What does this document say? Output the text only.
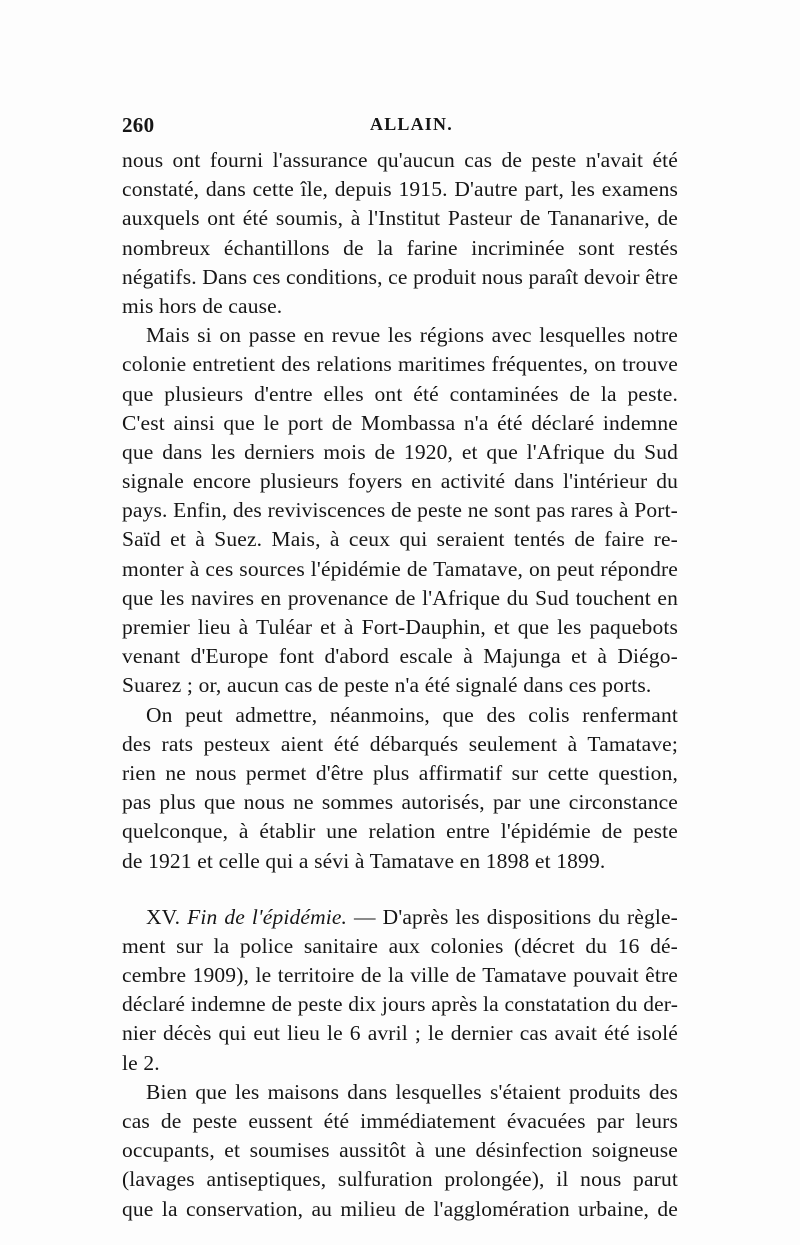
260	ALLAIN.
nous ont fourni l'assurance qu'aucun cas de peste n'avait été
constaté, dans cette île, depuis 1915. D'autre part, les examens
auxquels ont été soumis, à l'Institut Pasteur de Tananarive, de
nombreux échantillons de la farine incriminée sont restés
négatifs. Dans ces conditions, ce produit nous paraît devoir être
mis hors de cause.
Mais si on passe en revue les régions avec lesquelles notre
colonie entretient des relations maritimes fréquentes, on trouve
que plusieurs d'entre elles ont été contaminées de la peste.
C'est ainsi que le port de Mombassa n'a été déclaré indemne
que dans les derniers mois de 1920, et que l'Afrique du Sud
signale encore plusieurs foyers en activité dans l'intérieur du
pays. Enfin, des reviviscences de peste ne sont pas rares à Port-
Saïd et à Suez. Mais, à ceux qui seraient tentés de faire re-
monter à ces sources l'épidémie de Tamatave, on peut répondre
que les navires en provenance de l'Afrique du Sud touchent en
premier lieu à Tuléar et à Fort-Dauphin, et que les paquebots
venant d'Europe font d'abord escale à Majunga et à Diégo-
Suarez ; or, aucun cas de peste n'a été signalé dans ces ports.
On peut admettre, néanmoins, que des colis renfermant
des rats pesteux aient été débarqués seulement à Tamatave;
rien ne nous permet d'être plus affirmatif sur cette question,
pas plus que nous ne sommes autorisés, par une circonstance
quelconque, à établir une relation entre l'épidémie de peste
de 1921 et celle qui a sévi à Tamatave en 1898 et 1899.
XV. Fin de l'épidémie. — D'après les dispositions du règle-
ment sur la police sanitaire aux colonies (décret du 16 dé-
cembre 1909), le territoire de la ville de Tamatave pouvait être
déclaré indemne de peste dix jours après la constatation du der-
nier décès qui eut lieu le 6 avril ; le dernier cas avait été isolé
le 2.
Bien que les maisons dans lesquelles s'étaient produits des
cas de peste eussent été immédiatement évacuées par leurs
occupants, et soumises aussitôt à une désinfection soigneuse
(lavages antiseptiques, sulfuration prolongée), il nous parut
que la conservation, au milieu de l'agglomération urbaine, de
